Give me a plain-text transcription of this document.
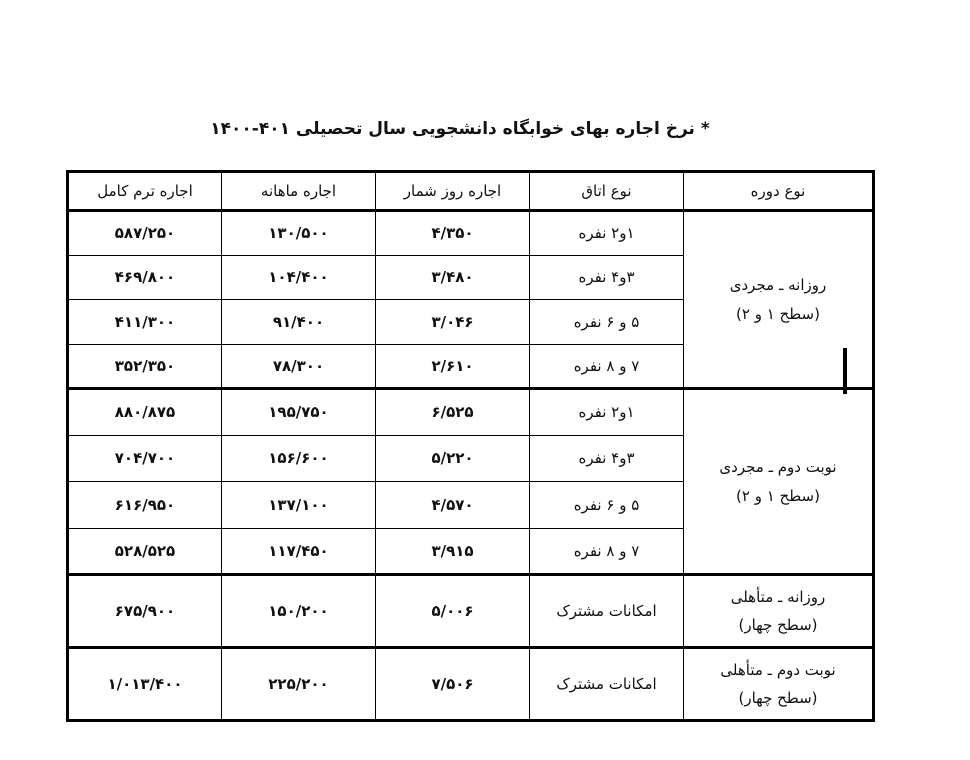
* نرخ اجاره بهای خوابگاه دانشجویی سال تحصیلی ۴۰۱-۱۴۰۰
نوع دوره	نوع اتاق	اجاره روز شمار	اجاره ماهانه	اجاره ترم کامل

روزانه ـ مجردی
(سطح ۱ و ۲)	۱و۲ نفره	۴/۳۵۰	۱۳۰/۵۰۰	۵۸۷/۲۵۰
	۳و۴ نفره	۳/۴۸۰	۱۰۴/۴۰۰	۴۶۹/۸۰۰
	۵ و ۶ نفره	۳/۰۴۶	۹۱/۴۰۰	۴۱۱/۳۰۰
	۷ و ۸ نفره	۲/۶۱۰	۷۸/۳۰۰	۳۵۲/۳۵۰

نوبت دوم ـ مجردی
(سطح ۱ و ۲)	۱و۲ نفره	۶/۵۲۵	۱۹۵/۷۵۰	۸۸۰/۸۷۵
	۳و۴ نفره	۵/۲۲۰	۱۵۶/۶۰۰	۷۰۴/۷۰۰
	۵ و ۶ نفره	۴/۵۷۰	۱۳۷/۱۰۰	۶۱۶/۹۵۰
	۷ و ۸ نفره	۳/۹۱۵	۱۱۷/۴۵۰	۵۲۸/۵۲۵

روزانه ـ متأهلی
(سطح چهار)	امکانات مشترک	۵/۰۰۶	۱۵۰/۲۰۰	۶۷۵/۹۰۰

نوبت دوم ـ متأهلی
(سطح چهار)	امکانات مشترک	۷/۵۰۶	۲۲۵/۲۰۰	۱/۰۱۳/۴۰۰
